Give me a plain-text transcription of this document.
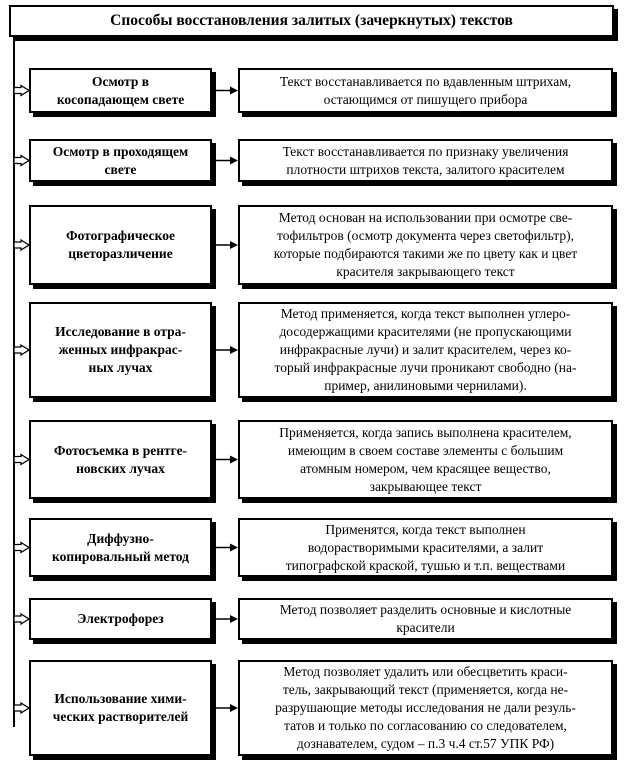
Способы восстановления залитых (зачеркнутых) текстов
Осмотр в
косопадающем свете
Текст восстанавливается по вдавленным штрихам,
остающимся от пишущего прибора
Осмотр в проходящем
свете
Текст восстанавливается по признаку увеличения
плотности штрихов текста, залитого красителем
Фотографическое
цветоразличение
Метод основан на использовании при осмотре све-
тофильтров (осмотр документа через светофильтр),
которые подбираются такими же по цвету как и цвет
красителя закрывающего текст
Исследование в отра-
женных инфракрас-
ных лучах
Метод применяется, когда текст выполнен углеро-
досодержащими красителями (не пропускающими
инфракрасные лучи) и залит красителем, через ко-
торый инфракрасные лучи проникают свободно (на-
пример, анилиновыми чернилами).
Фотосъемка в рентге-
новских лучах
Применяется, когда запись выполнена красителем,
имеющим в своем составе элементы с большим
атомным номером, чем красящее вещество,
закрывающее текст
Диффузно-
копировальный метод
Применятся, когда текст выполнен
водорастворимыми красителями, а залит
типографской краской, тушью и т.п. веществами
Электрофорез
Метод позволяет разделить основные и кислотные
красители
Использование хими-
ческих растворителей
Метод позволяет удалить или обесцветить краси-
тель, закрывающий текст (применяется, когда не-
разрушающие методы исследования не дали резуль-
татов и только по согласованию со следователем,
дознавателем, судом – п.3 ч.4 ст.57 УПК РФ)
